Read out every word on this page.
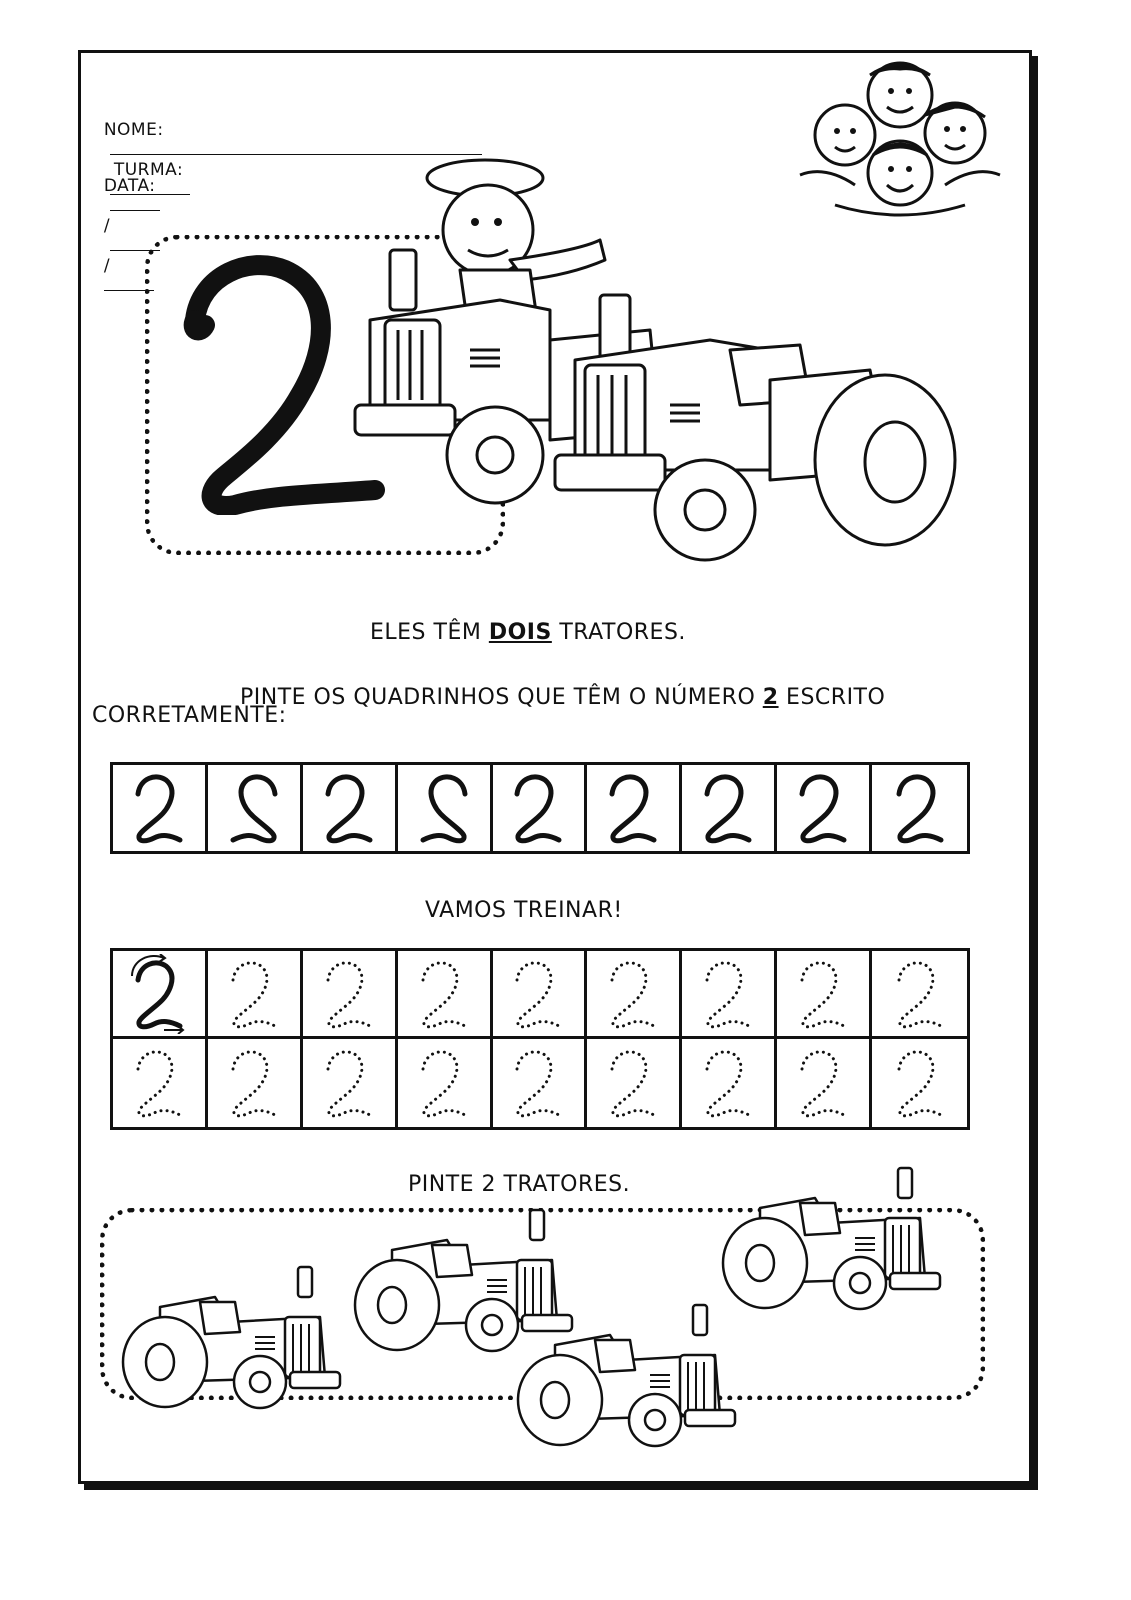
NOME:

TURMA:

DATA:

/

/

ELES TÊM DOIS TRATORES.

PINTE OS QUADRINHOS QUE TÊM O NÚMERO 2 ESCRITO

CORRETAMENTE:
VAMOS TREINAR!
PINTE 2 TRATORES.
